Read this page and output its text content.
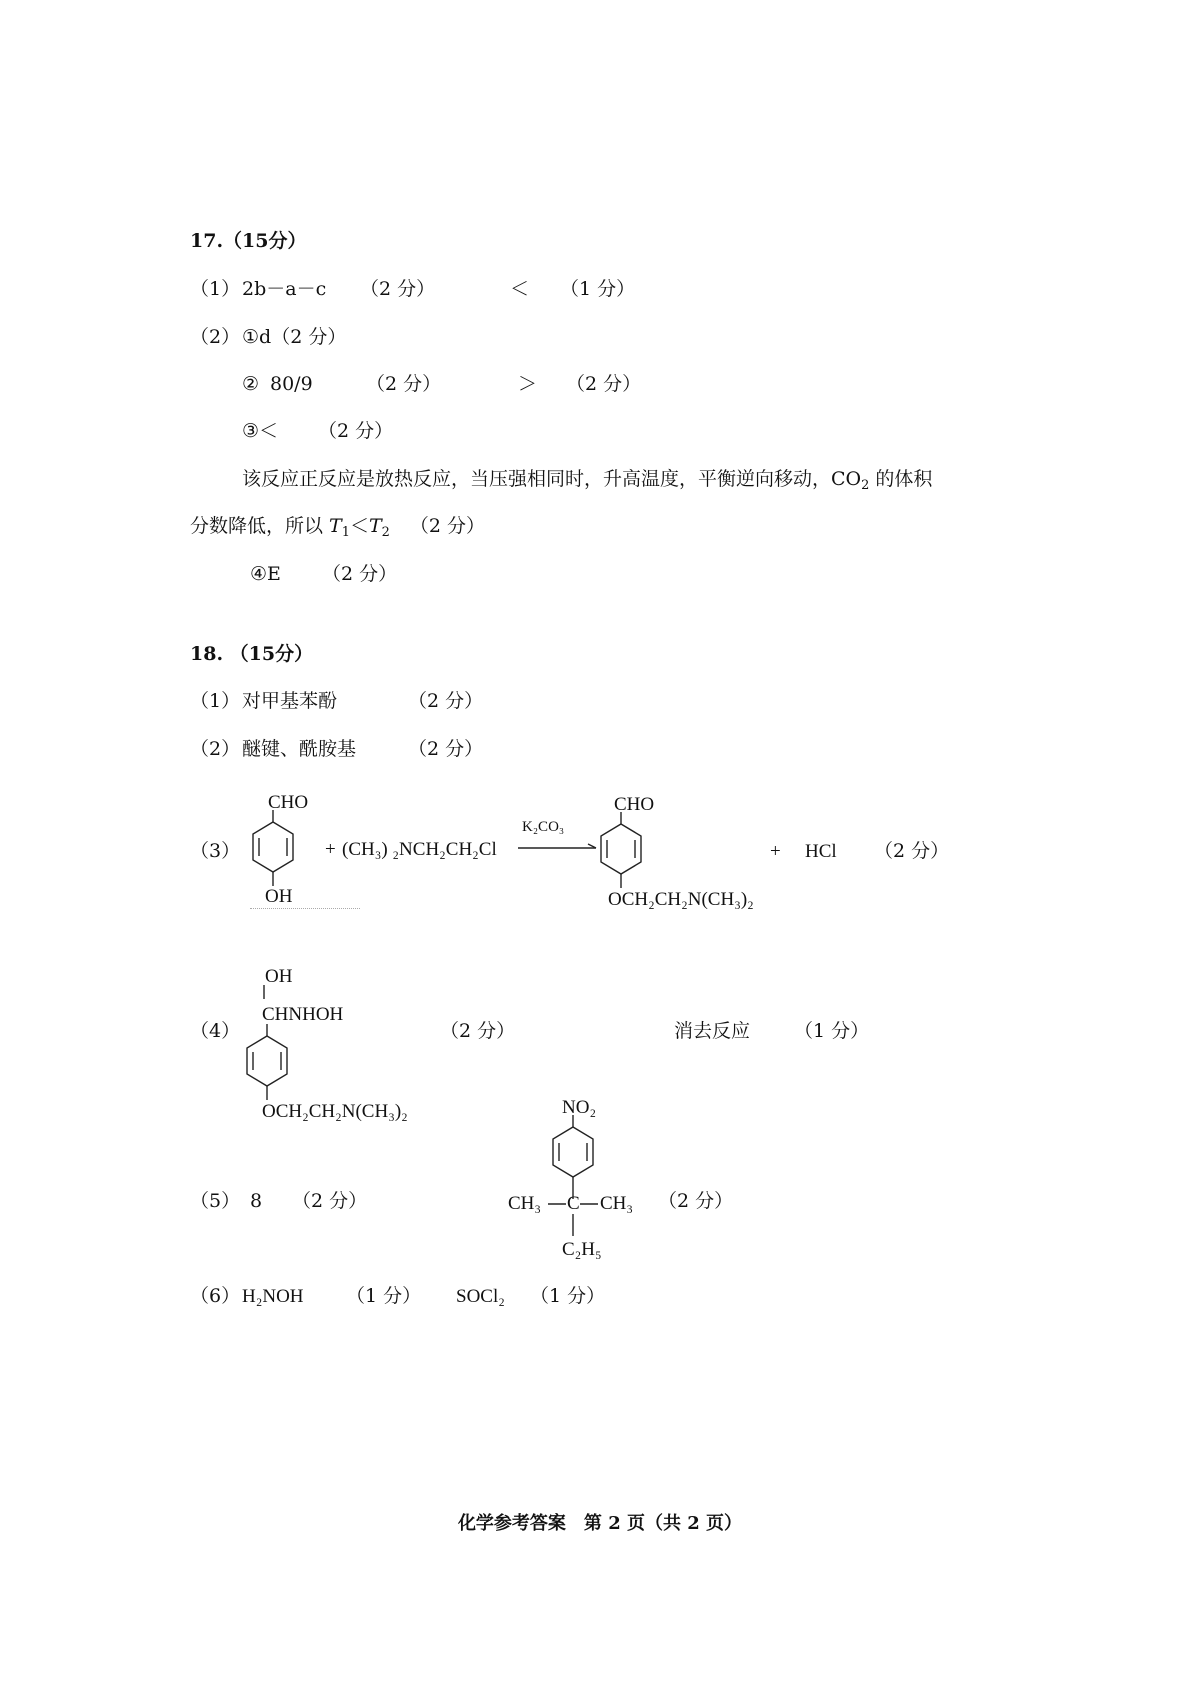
17.（15分）
（1） 2b－a－c （2 分）	＜ （1 分）
（2） ①d（2 分）
② 80/9	（2 分）	＞ （2 分）
③＜ （2 分）
该反应正反应是放热反应，当压强相同时，升高温度，平衡逆向移动，$CO_2$ 的体积
分数降低，所以 $T_1<T_2$ （2 分）
④E （2 分）
18. （15分）
（1） 对甲基苯酚	（2 分）
（2） 醚键、酰胺基	（2 分）
（3）
CHO
OH
+ (CH₃) ₂NCH₂CH₂Cl
K₂CO₃
CHO
OCH₂CH₂N(CH₃)₂
+ HCl （2 分）
（4）
OH
CHNHOH
OCH₂CH₂N(CH₃)₂
（2 分）	消去反应 （1 分）
（5） 8 （2 分）
NO₂
CH₃ C CH₃
C₂H₅
（2 分）
（6） H₂NOH （1 分） SOCl₂ （1 分）
化学参考答案　第 2 页（共 2 页）
